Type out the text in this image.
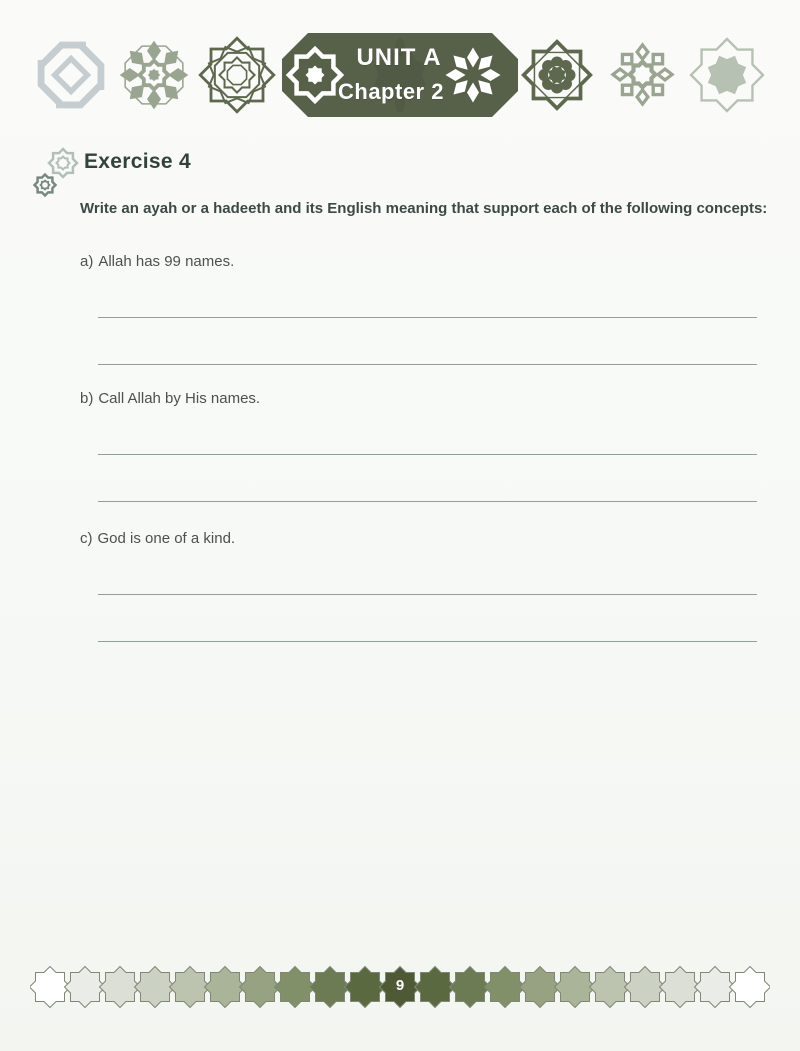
UNIT A
Chapter 2
Exercise 4
Write an ayah or a hadeeth and its English meaning that support each of the following concepts:
a) Allah has 99 names.
b) Call Allah by His names.
c) God is one of a kind.
9
